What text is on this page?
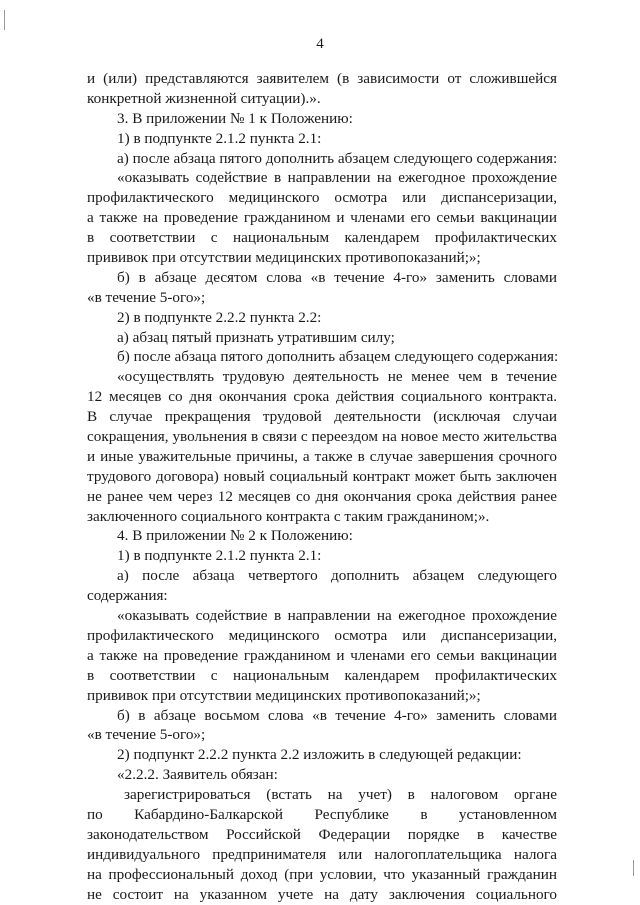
4
и (или) представляются заявителем (в зависимости от сложившейся
конкретной жизненной ситуации).».
3. В приложении № 1 к Положению:
1) в подпункте 2.1.2 пункта 2.1:
а) после абзаца пятого дополнить абзацем следующего содержания:
«оказывать содействие в направлении на ежегодное прохождение
профилактического медицинского осмотра или диспансеризации,
а также на проведение гражданином и членами его семьи вакцинации
в соответствии с национальным календарем профилактических
прививок при отсутствии медицинских противопоказаний;»;
б) в абзаце десятом слова «в течение 4-го» заменить словами
«в течение 5-ого»;
2) в подпункте 2.2.2 пункта 2.2:
а) абзац пятый признать утратившим силу;
б) после абзаца пятого дополнить абзацем следующего содержания:
«осуществлять трудовую деятельность не менее чем в течение
12 месяцев со дня окончания срока действия социального контракта.
В случае прекращения трудовой деятельности (исключая случаи
сокращения, увольнения в связи с переездом на новое место жительства
и иные уважительные причины, а также в случае завершения срочного
трудового договора) новый социальный контракт может быть заключен
не ранее чем через 12 месяцев со дня окончания срока действия ранее
заключенного социального контракта с таким гражданином;».
4. В приложении № 2 к Положению:
1) в подпункте 2.1.2 пункта 2.1:
а) после абзаца четвертого дополнить абзацем следующего
содержания:
«оказывать содействие в направлении на ежегодное прохождение
профилактического медицинского осмотра или диспансеризации,
а также на проведение гражданином и членами его семьи вакцинации
в соответствии с национальным календарем профилактических
прививок при отсутствии медицинских противопоказаний;»;
б) в абзаце восьмом слова «в течение 4-го» заменить словами
«в течение 5-ого»;
2) подпункт 2.2.2 пункта 2.2 изложить в следующей редакции:
«2.2.2. Заявитель обязан:
зарегистрироваться (встать на учет) в налоговом органе
по Кабардино-Балкарской Республике в установленном
законодательством Российской Федерации порядке в качестве
индивидуального предпринимателя или налогоплательщика налога
на профессиональный доход (при условии, что указанный гражданин
не состоит на указанном учете на дату заключения социального
